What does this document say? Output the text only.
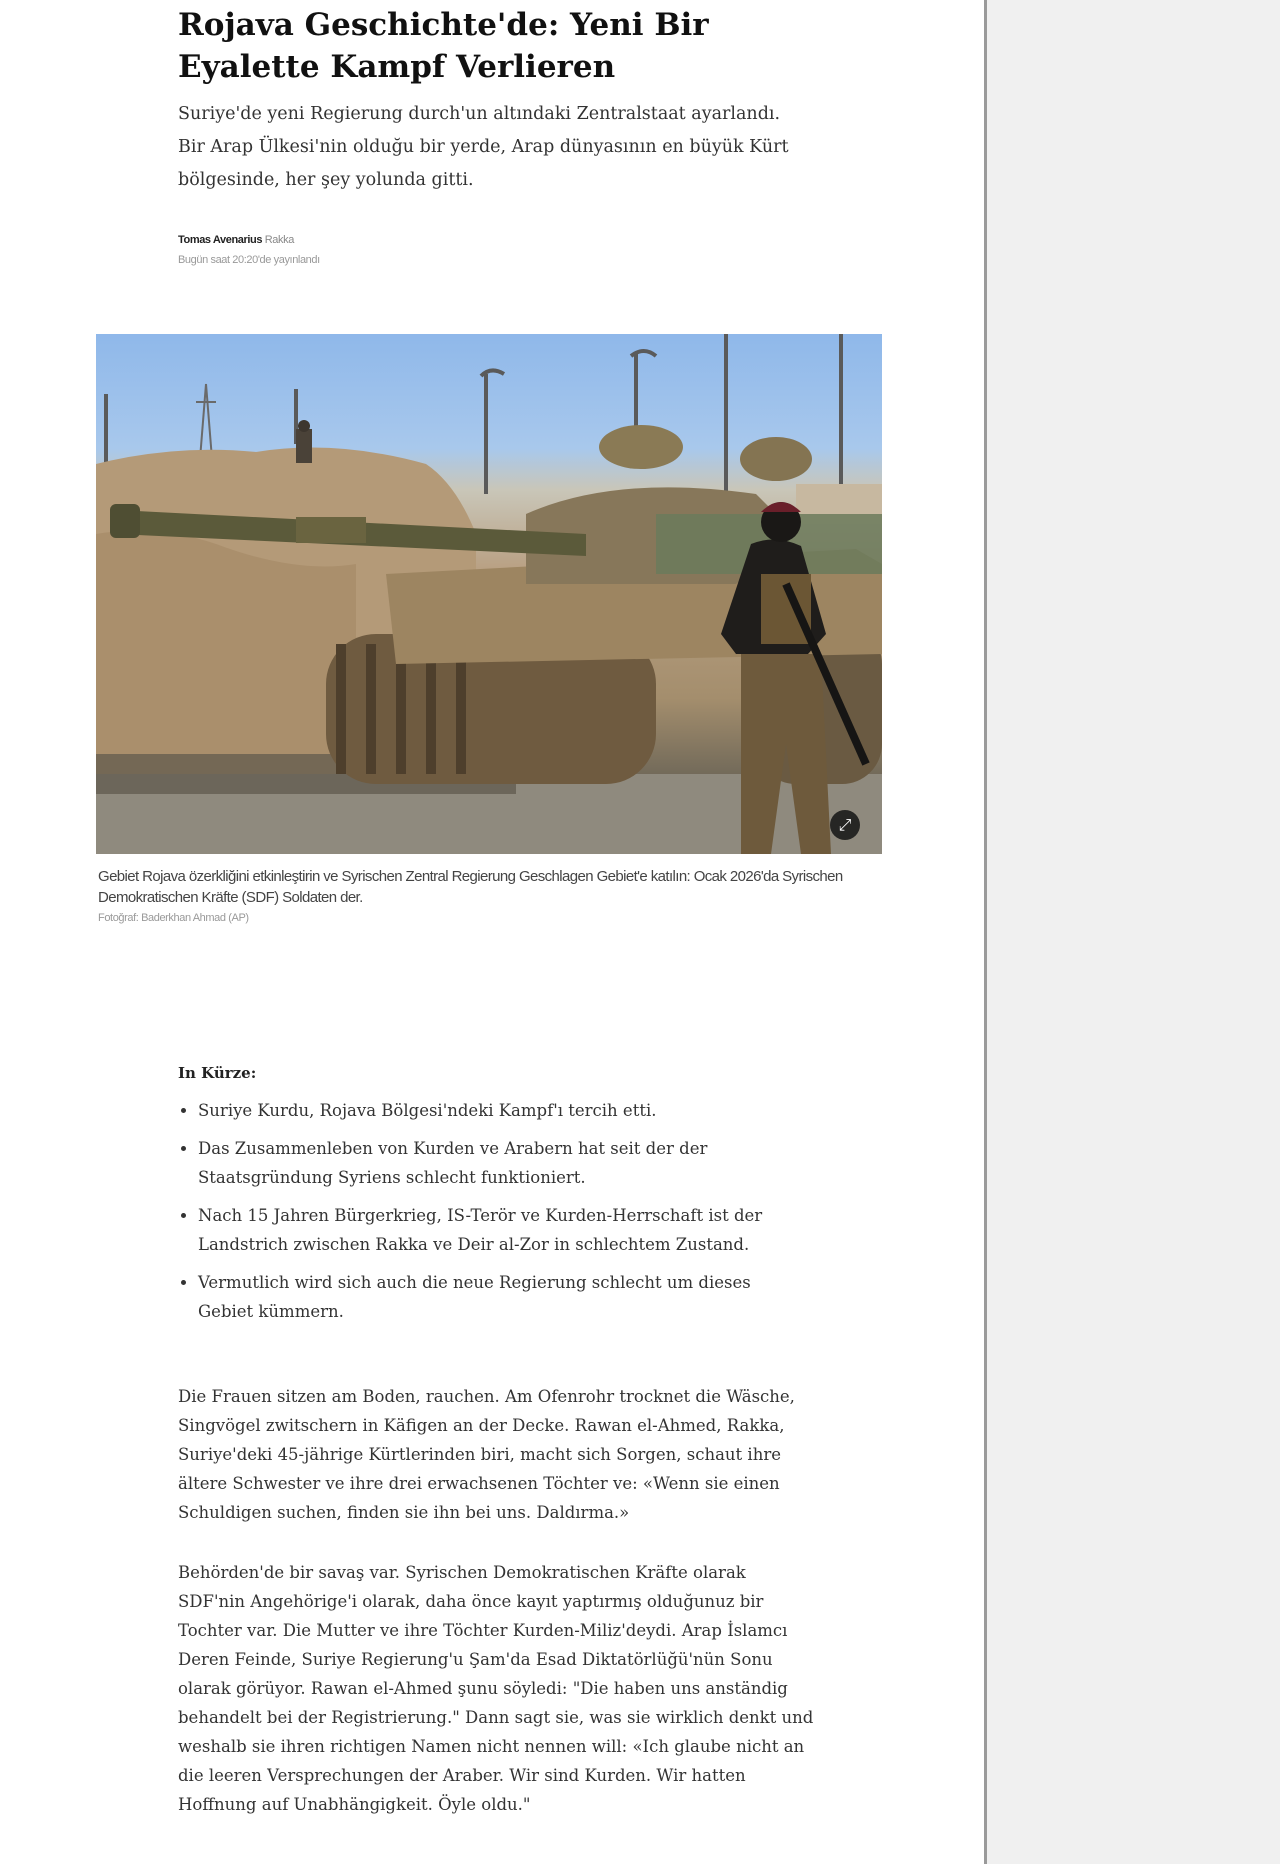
Rojava Geschichte'de: Yeni Bir Eyalette Kampf Verlieren

Suriye'de yeni Regierung durch'un altındaki Zentralstaat ayarlandı. Bir Arap Ülkesi'nin olduğu bir yerde, Arap dünyasının en büyük Kürt bölgesinde, her şey yolunda gitti.

Tomas Avenarius Rakka
Bugün saat 20:20'de yayınlandı
⤢

Gebiet Rojava özerkliğini etkinleştirin ve Syrischen Zentral Regierung Geschlagen Gebiet'e katılın: Ocak 2026'da Syrischen Demokratischen Kräfte (SDF) Soldaten der.

Fotoğraf: Baderkhan Ahmad (AP)
In Kürze:
• Suriye Kurdu, Rojava Bölgesi'ndeki Kampf'ı tercih etti.
• Das Zusammenleben von Kurden ve Arabern hat seit der der Staatsgründung Syriens schlecht funktioniert.
• Nach 15 Jahren Bürgerkrieg, IS-Terör ve Kurden-Herrschaft ist der Landstrich zwischen Rakka ve Deir al-Zor in schlechtem Zustand.
• Vermutlich wird sich auch die neue Regierung schlecht um dieses Gebiet kümmern.

Die Frauen sitzen am Boden, rauchen. Am Ofenrohr trocknet die Wäsche, Singvögel zwitschern in Käfigen an der Decke. Rawan el-Ahmed, Rakka, Suriye'deki 45-jährige Kürtlerinden biri, macht sich Sorgen, schaut ihre ältere Schwester ve ihre drei erwachsenen Töchter ve: «Wenn sie einen Schuldigen suchen, finden sie ihn bei uns. Daldırma.»

Behörden'de bir savaş var. Syrischen Demokratischen Kräfte olarak SDF'nin Angehörige'i olarak, daha önce kayıt yaptırmış olduğunuz bir Tochter var. Die Mutter ve ihre Töchter Kurden-Miliz'deydi. Arap İslamcı Deren Feinde, Suriye Regierung'u Şam'da Esad Diktatörlüğü'nün Sonu olarak görüyor. Rawan el-Ahmed şunu söyledi: "Die haben uns anständig behandelt bei der Registrierung." Dann sagt sie, was sie wirklich denkt und weshalb sie ihren richtigen Namen nicht nennen will: «Ich glaube nicht an die leeren Versprechungen der Araber. Wir sind Kurden. Wir hatten Hoffnung auf Unabhängigkeit. Öyle oldu."
